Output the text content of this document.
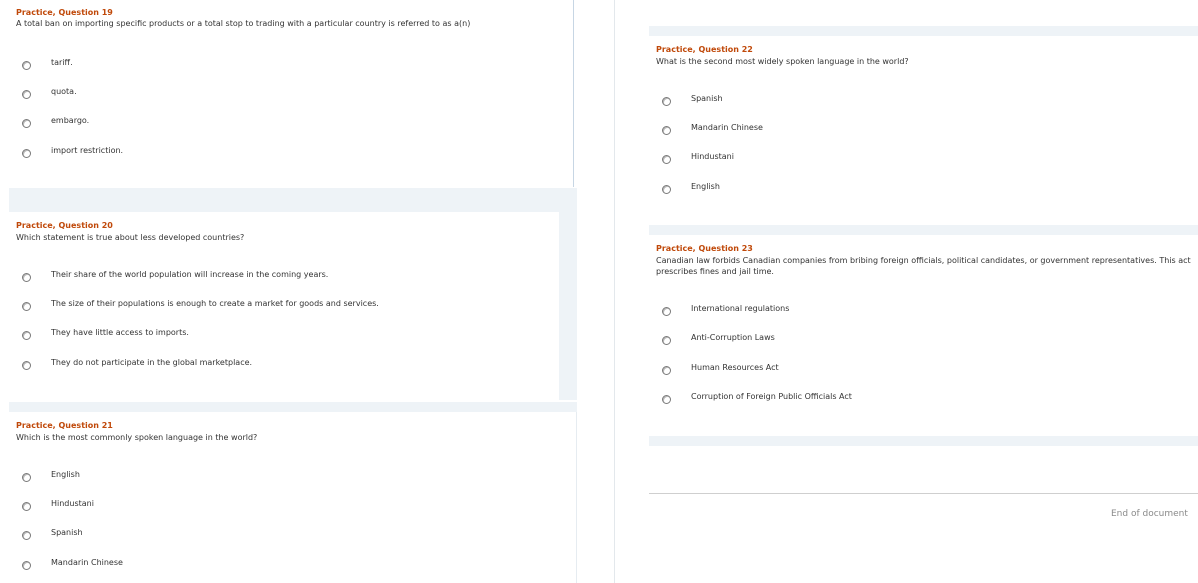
Practice, Question 19
A total ban on importing specific products or a total stop to trading with a particular country is referred to as a(n)
tariff.
quota.
embargo.
import restriction.
Practice, Question 20
Which statement is true about less developed countries?
Their share of the world population will increase in the coming years.
The size of their populations is enough to create a market for goods and services.
They have little access to imports.
They do not participate in the global marketplace.
Practice, Question 21
Which is the most commonly spoken language in the world?
English
Hindustani
Spanish
Mandarin Chinese
Practice, Question 22
What is the second most widely spoken language in the world?
Spanish
Mandarin Chinese
Hindustani
English
Practice, Question 23
Canadian law forbids Canadian companies from bribing foreign officials, political candidates, or government representatives. This act prescribes fines and jail time.
International regulations
Anti-Corruption Laws
Human Resources Act
Corruption of Foreign Public Officials Act
End of document
